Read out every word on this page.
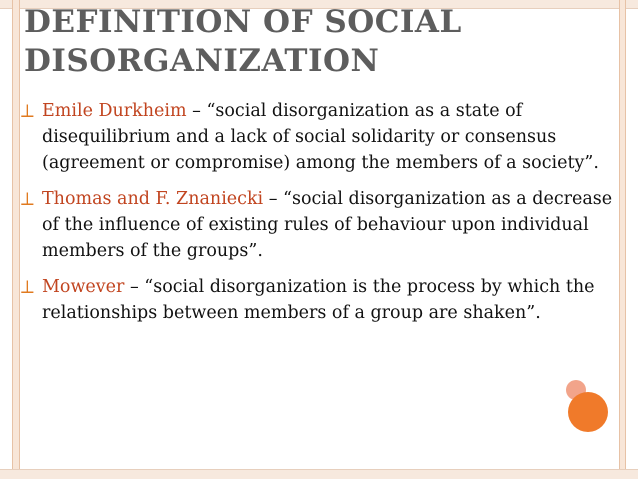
DEFINITION OF SOCIAL
DISORGANIZATION
⟂ Emile Durkheim – “social disorganization as a state of disequilibrium and a lack of social solidarity or consensus (agreement or compromise) among the members of a society”.
⟂ Thomas and F. Znaniecki – “social disorganization as a decrease of the influence of existing rules of behaviour upon individual members of the groups”.
⟂ Mowever – “social disorganization is the process by which the relationships between members of a group are shaken”.
